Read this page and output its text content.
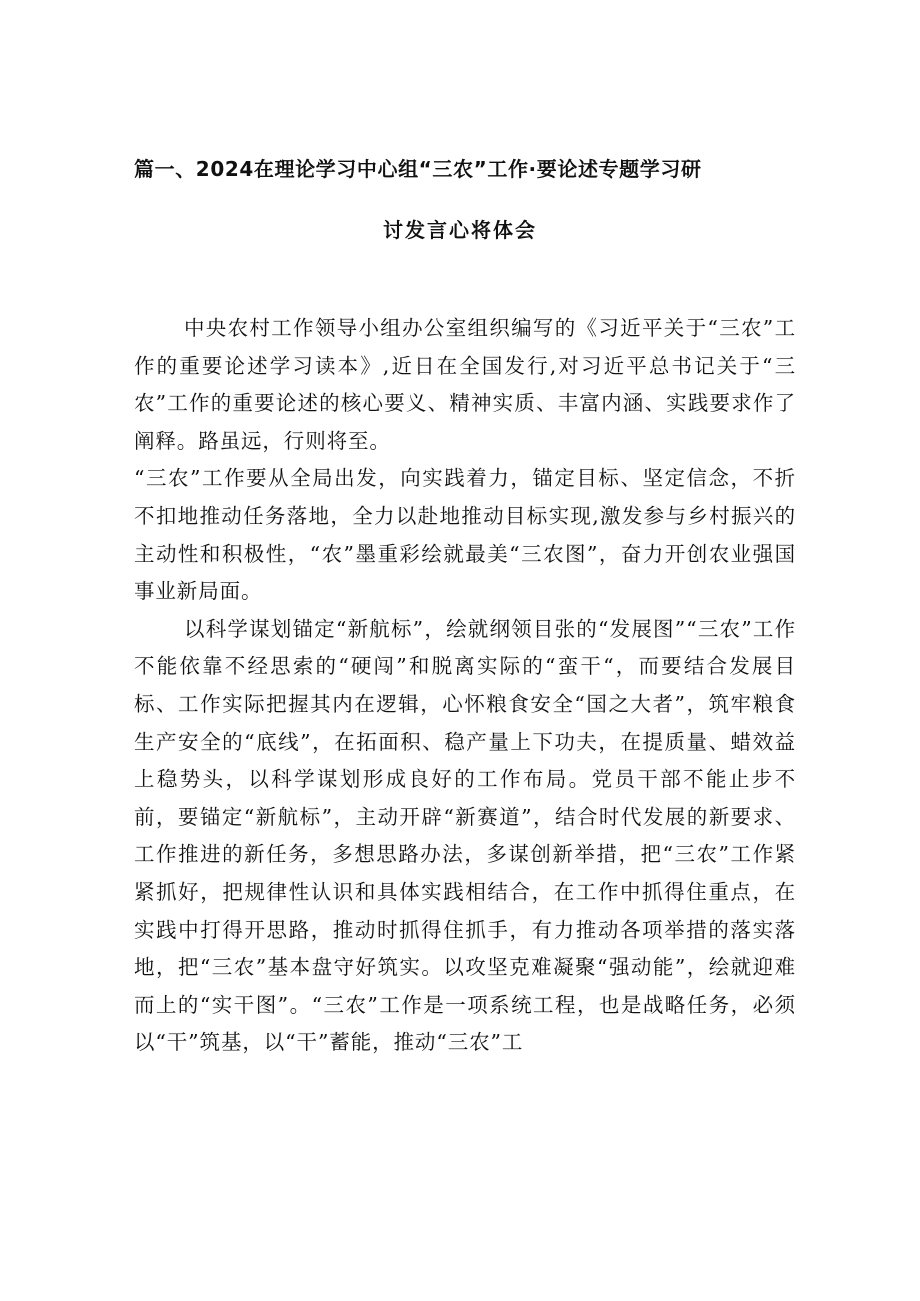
篇一、2024在理论学习中心组“三农”工作·要论述专题学习研
讨发言心将体会

中央农村工作领导小组办公室组织编写的《习近平关于“三农”工作的重要论述学习读本》,近日在全国发行,对习近平总书记关于“三农”工作的重要论述的核心要义、精神实质、丰富内涵、实践要求作了阐释。路虽远，行则将至。

“三农”工作要从全局出发，向实践着力，锚定目标、坚定信念，不折不扣地推动任务落地，全力以赴地推动目标实现,激发参与乡村振兴的主动性和积极性，“农”墨重彩绘就最美“三农图”，奋力开创农业强国事业新局面。

以科学谋划锚定“新航标”，绘就纲领目张的“发展图”“三农”工作不能依靠不经思索的“硬闯”和脱离实际的“蛮干“，而要结合发展目标、工作实际把握其内在逻辑，心怀粮食安全“国之大者”，筑牢粮食生产安全的“底线”，在拓面积、稳产量上下功夫，在提质量、蜡效益上稳势头，以科学谋划形成良好的工作布局。党员干部不能止步不前，要锚定“新航标”，主动开辟“新赛道”，结合时代发展的新要求、工作推进的新任务，多想思路办法，多谋创新举措，把“三农”工作紧紧抓好，把规律性认识和具体实践相结合，在工作中抓得住重点，在实践中打得开思路，推动时抓得住抓手，有力推动各项举措的落实落地，把“三农”基本盘守好筑实。以攻坚克难凝聚“强动能”，绘就迎难而上的“实干图”。“三农”工作是一项系统工程，也是战略任务，必须以“干”筑基，以“干”蓄能，推动“三农”工
